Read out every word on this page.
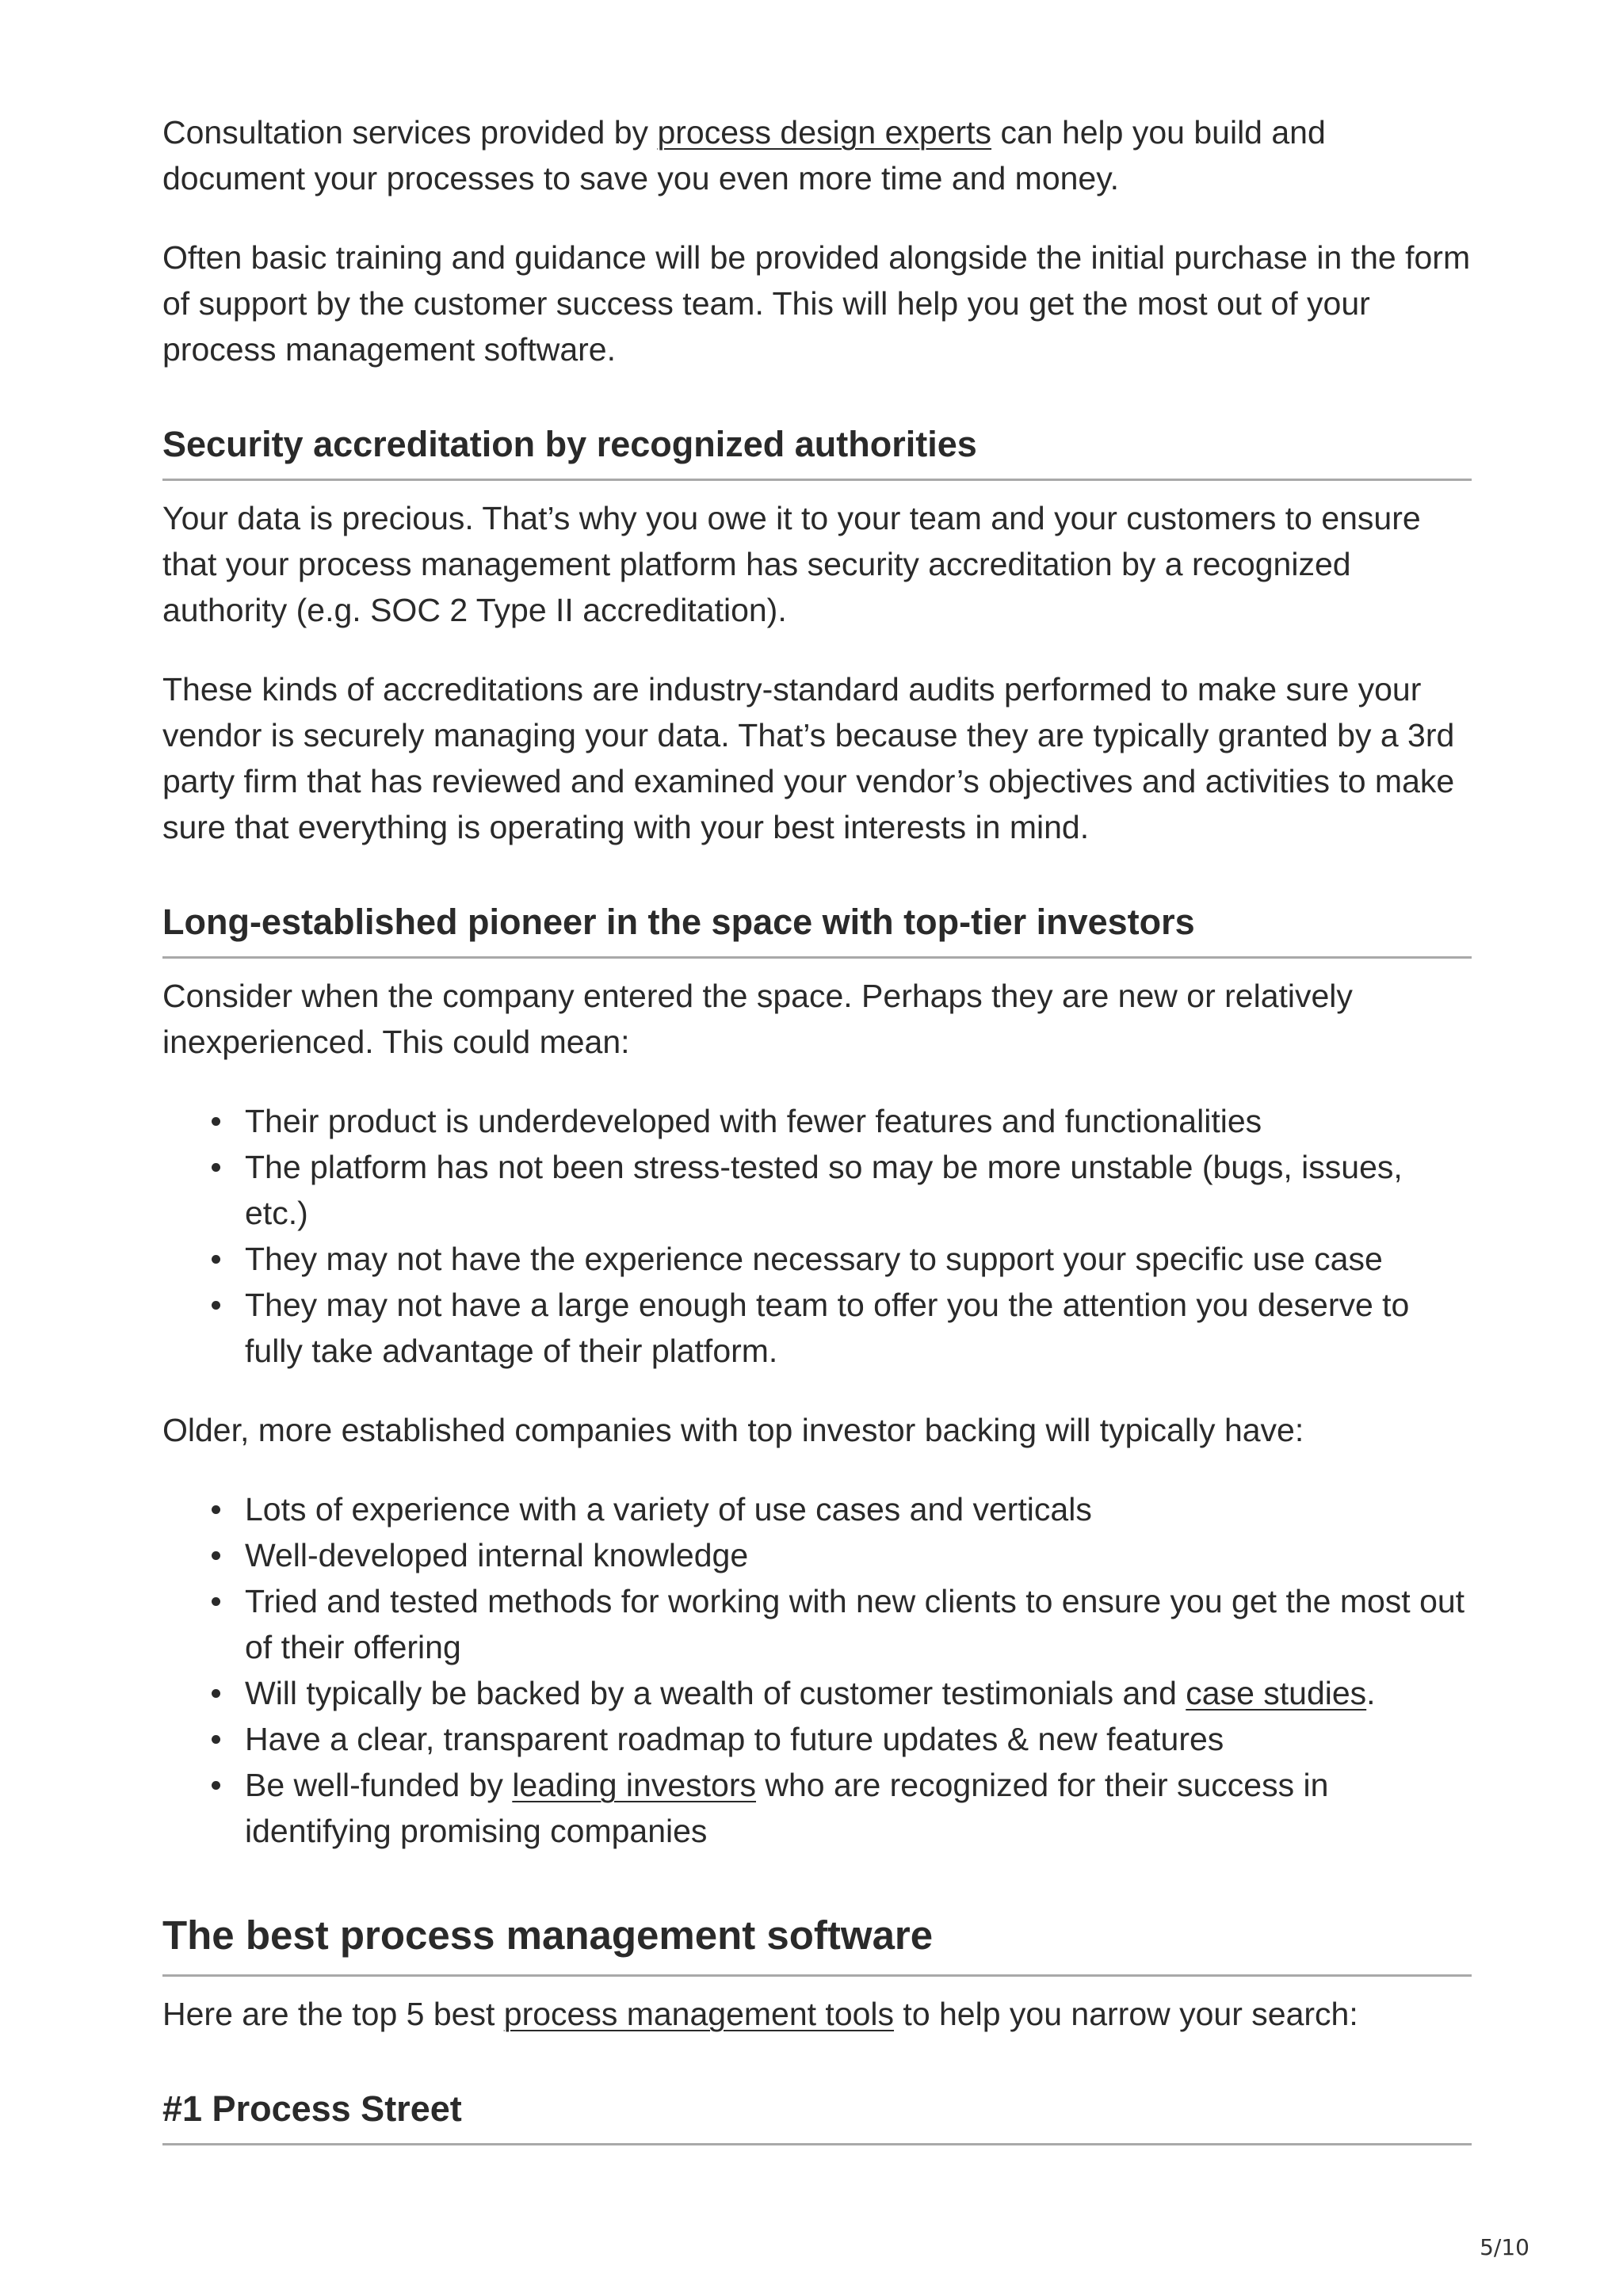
Consultation services provided by process design experts can help you build and document your processes to save you even more time and money.

Often basic training and guidance will be provided alongside the initial purchase in the form of support by the customer success team. This will help you get the most out of your process management software.

Security accreditation by recognized authorities

Your data is precious. That’s why you owe it to your team and your customers to ensure that your process management platform has security accreditation by a recognized authority (e.g. SOC 2 Type II accreditation).

These kinds of accreditations are industry-standard audits performed to make sure your vendor is securely managing your data. That’s because they are typically granted by a 3rd party firm that has reviewed and examined your vendor’s objectives and activities to make sure that everything is operating with your best interests in mind.

Long-established pioneer in the space with top-tier investors

Consider when the company entered the space. Perhaps they are new or relatively inexperienced. This could mean:

Their product is underdeveloped with fewer features and functionalities
The platform has not been stress-tested so may be more unstable (bugs, issues, etc.)
They may not have the experience necessary to support your specific use case
They may not have a large enough team to offer you the attention you deserve to fully take advantage of their platform.

Older, more established companies with top investor backing will typically have:

Lots of experience with a variety of use cases and verticals
Well-developed internal knowledge
Tried and tested methods for working with new clients to ensure you get the most out of their offering
Will typically be backed by a wealth of customer testimonials and case studies.
Have a clear, transparent roadmap to future updates & new features
Be well-funded by leading investors who are recognized for their success in identifying promising companies
The best process management software

Here are the top 5 best process management tools to help you narrow your search:

#1 Process Street
5/10
